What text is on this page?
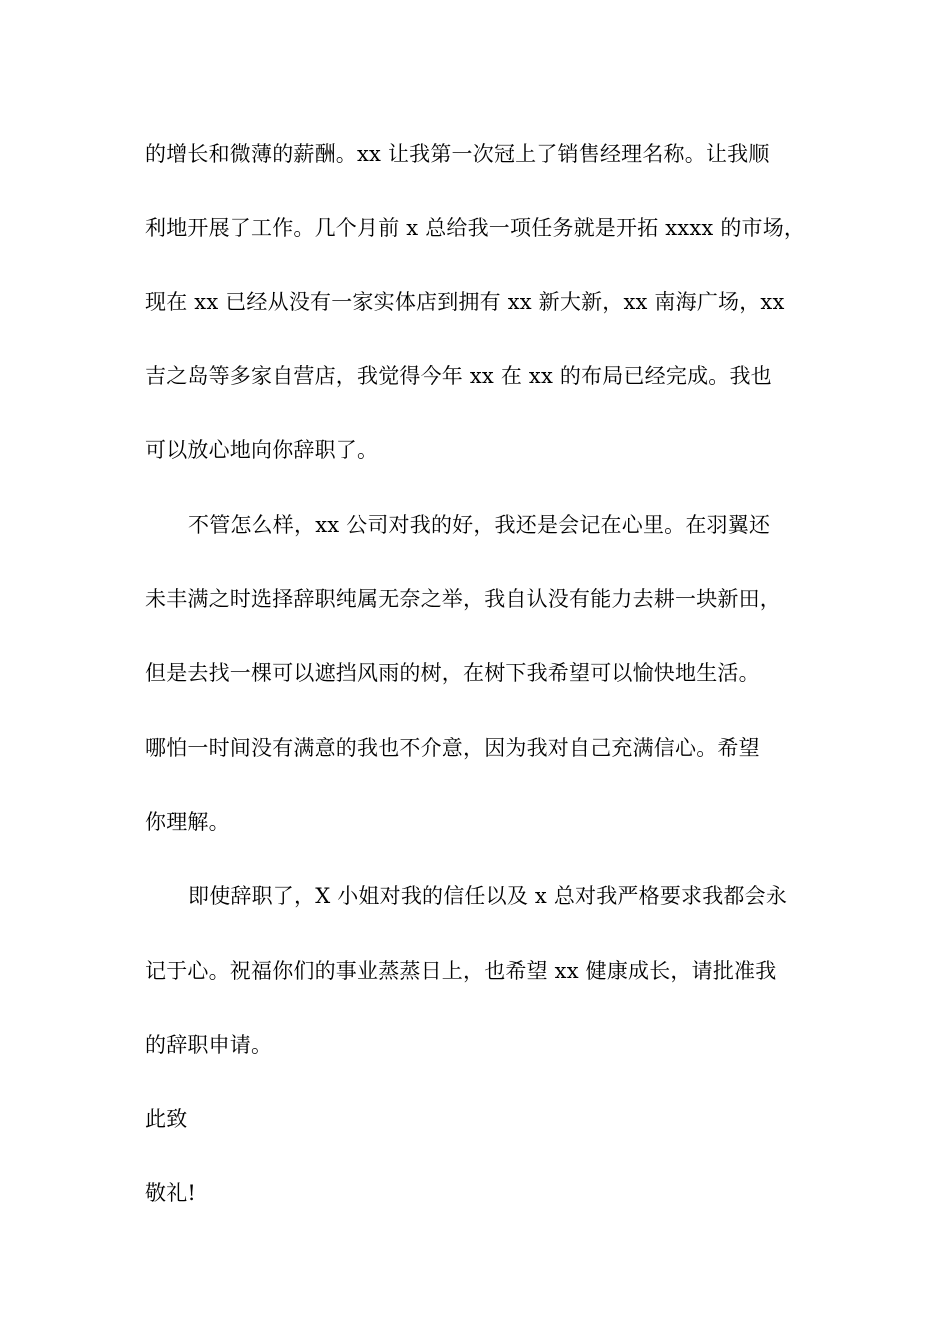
的增长和微薄的薪酬。xx 让我第一次冠上了销售经理名称。让我顺
利地开展了工作。几个月前 x 总给我一项任务就是开拓 xxxx 的市场，
现在 xx 已经从没有一家实体店到拥有 xx 新大新，xx 南海广场，xx
吉之岛等多家自营店，我觉得今年 xx 在 xx 的布局已经完成。我也
可以放心地向你辞职了。
不管怎么样，xx 公司对我的好，我还是会记在心里。在羽翼还
未丰满之时选择辞职纯属无奈之举，我自认没有能力去耕一块新田，
但是去找一棵可以遮挡风雨的树，在树下我希望可以愉快地生活。
哪怕一时间没有满意的我也不介意，因为我对自己充满信心。希望
你理解。
即使辞职了，X 小姐对我的信任以及 x 总对我严格要求我都会永
记于心。祝福你们的事业蒸蒸日上，也希望 xx 健康成长，请批准我
的辞职申请。
此致
敬礼!
